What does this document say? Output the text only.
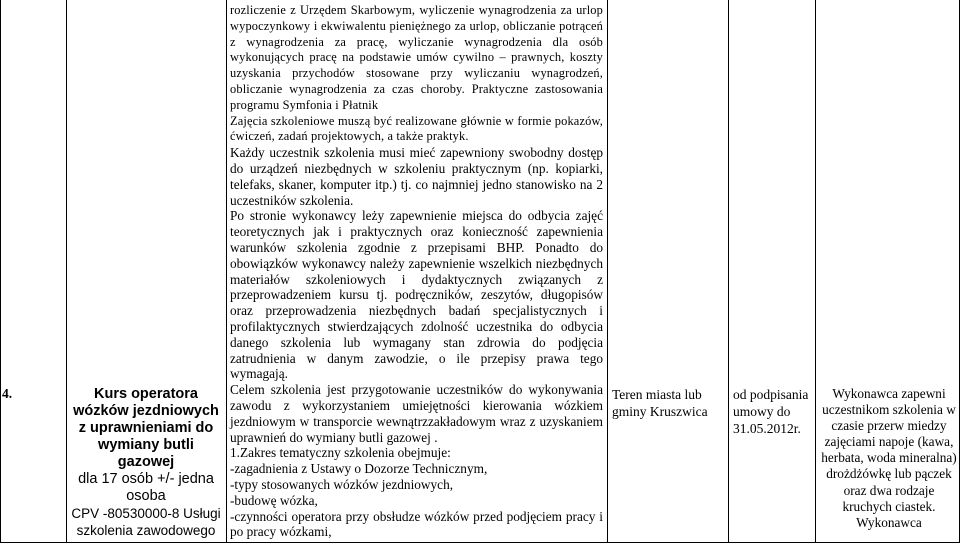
4.	Kurs operatora wózków jezdniowych z uprawnieniami do wymiany butli gazowej
dla 17 osób +/- jedna osoba
CPV -80530000-8 Usługi szkolenia zawodowego

rozliczenie z Urzędem Skarbowym, wyliczenie wynagrodzenia za urlop wypoczynkowy i ekwiwalentu pieniężnego za urlop, obliczanie potrąceń z wynagrodzenia za pracę, wyliczanie wynagrodzenia dla osób wykonujących pracę na podstawie umów cywilno – prawnych, koszty uzyskania przychodów stosowane przy wyliczaniu wynagrodzeń, obliczanie wynagrodzenia za czas choroby. Praktyczne zastosowania programu Symfonia i Płatnik

Zajęcia szkoleniowe muszą być realizowane głównie w formie pokazów, ćwiczeń, zadań projektowych, a także praktyk.

Każdy uczestnik szkolenia musi mieć zapewniony swobodny dostęp do urządzeń niezbędnych w szkoleniu praktycznym (np. kopiarki, telefaks, skaner, komputer itp.) tj. co najmniej jedno stanowisko na 2 uczestników szkolenia.

Po stronie wykonawcy leży zapewnienie miejsca do odbycia zajęć teoretycznych jak i praktycznych oraz konieczność zapewnienia warunków szkolenia zgodnie z przepisami BHP. Ponadto do obowiązków wykonawcy należy zapewnienie wszelkich niezbędnych materiałów szkoleniowych i dydaktycznych związanych z przeprowadzeniem kursu tj. podręczników, zeszytów, długopisów oraz przeprowadzenia niezbędnych badań specjalistycznych i profilaktycznych stwierdzających zdolność uczestnika do odbycia danego szkolenia lub wymagany stan zdrowia do podjęcia zatrudnienia w danym zawodzie, o ile przepisy prawa tego wymagają.

Celem szkolenia jest przygotowanie uczestników do wykonywania zawodu z wykorzystaniem umiejętności kierowania wózkiem jezdniowym w transporcie wewnątrzzakładowym wraz z uzyskaniem uprawnień do wymiany butli gazowej .

1.Zakres tematyczny szkolenia obejmuje:

-zagadnienia z Ustawy o Dozorze Technicznym,

-typy stosowanych wózków jezdniowych,

-budowę wózka,

-czynności operatora przy obsłudze wózków przed podjęciem pracy i po pracy wózkami,

Teren miasta lub gminy Kruszwica
od podpisania umowy do 31.05.2012r.
Wykonawca zapewni uczestnikom szkolenia w czasie przerw miedzy zajęciami napoje (kawa, herbata, woda mineralna) drożdżówkę lub pączek oraz dwa rodzaje kruchych ciastek. Wykonawca
